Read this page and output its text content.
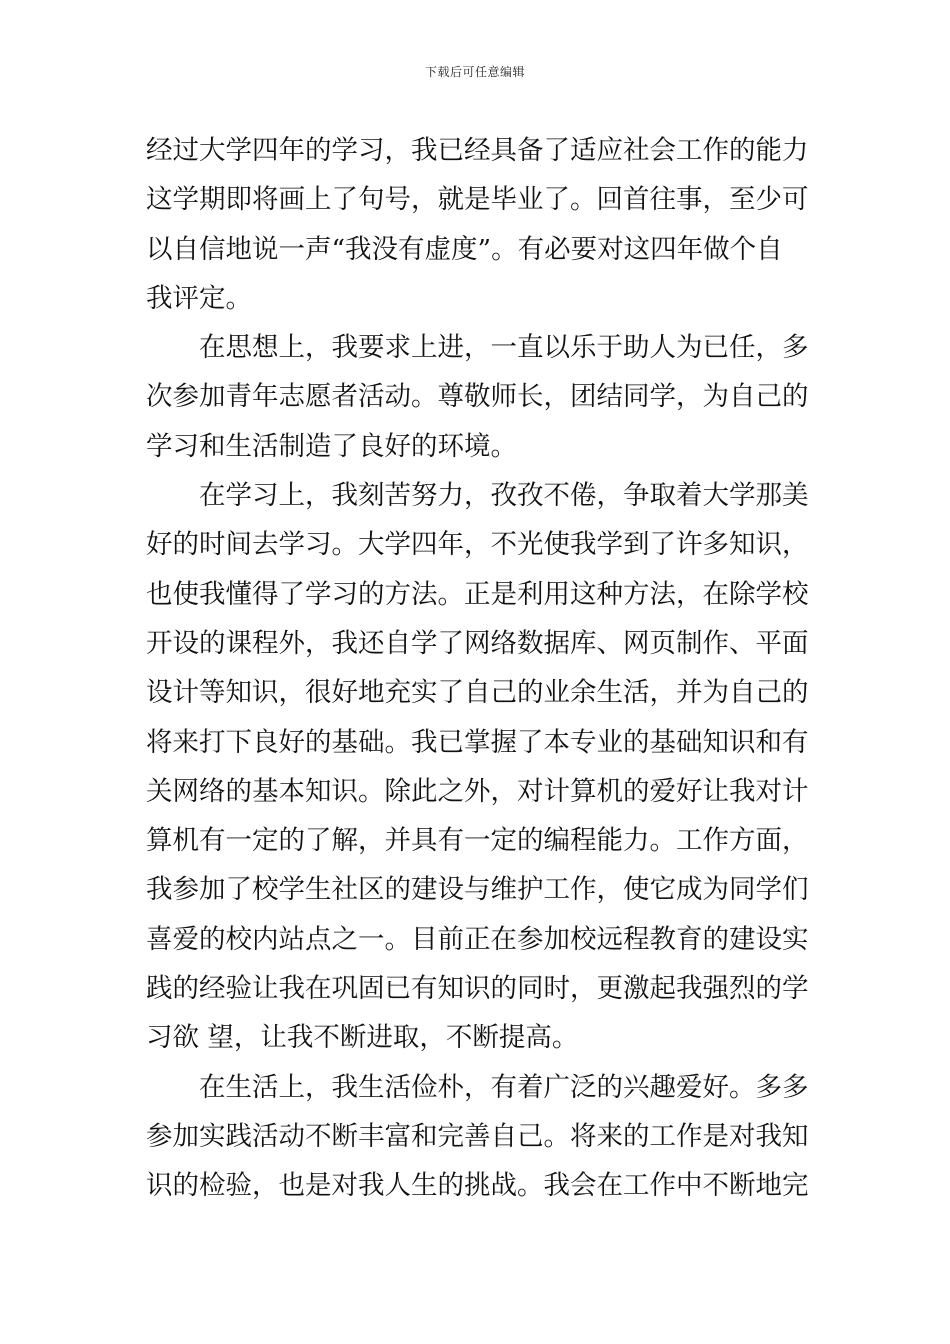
下载后可任意编辑
经过大学四年的学习，我已经具备了适应社会工作的能力
这学期即将画上了句号，就是毕业了。回首往事，至少可
以自信地说一声“我没有虚度”。有必要对这四年做个自
我评定。
在思想上，我要求上进，一直以乐于助人为已任，多
次参加青年志愿者活动。尊敬师长，团结同学，为自己的
学习和生活制造了良好的环境。
在学习上，我刻苦努力，孜孜不倦，争取着大学那美
好的时间去学习。大学四年，不光使我学到了许多知识，
也使我懂得了学习的方法。正是利用这种方法，在除学校
开设的课程外，我还自学了网络数据库、网页制作、平面
设计等知识，很好地充实了自己的业余生活，并为自己的
将来打下良好的基础。我已掌握了本专业的基础知识和有
关网络的基本知识。除此之外，对计算机的爱好让我对计
算机有一定的了解，并具有一定的编程能力。工作方面，
我参加了校学生社区的建设与维护工作，使它成为同学们
喜爱的校内站点之一。目前正在参加校远程教育的建设实
践的经验让我在巩固已有知识的同时，更激起我强烈的学
习欲 望，让我不断进取，不断提高。
在生活上，我生活俭朴，有着广泛的兴趣爱好。多多
参加实践活动不断丰富和完善自己。将来的工作是对我知
识的检验，也是对我人生的挑战。我会在工作中不断地完
